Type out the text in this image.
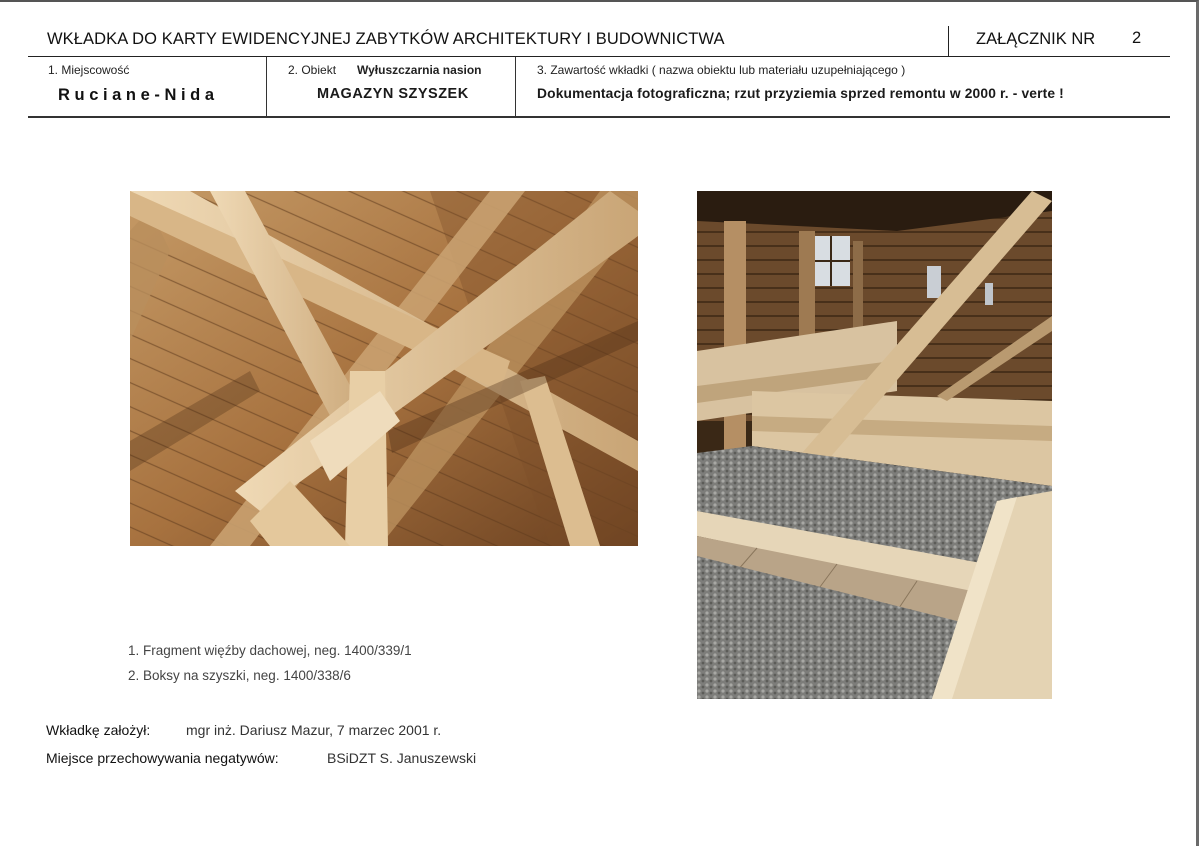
WKŁADKA DO KARTY EWIDENCYJNEJ ZABYTKÓW ARCHITEKTURY I BUDOWNICTWA	ZAŁĄCZNIK NR 2
1. Miejscowość
Ruciane-Nida
2. Obiekt Wyłuszczarnia nasion
MAGAZYN SZYSZEK
3. Zawartość wkładki ( nazwa obiektu lub materiału uzupełniającego )
Dokumentacja fotograficzna; rzut przyziemia sprzed remontu w 2000 r. - verte !
1. Fragment więźby dachowej, neg. 1400/339/1
2. Boksy na szyszki, neg. 1400/338/6
Wkładkę założył:	mgr inż. Dariusz Mazur, 7 marzec 2001 r.
Miejsce przechowywania negatywów:	BSiDZT S. Januszewski
